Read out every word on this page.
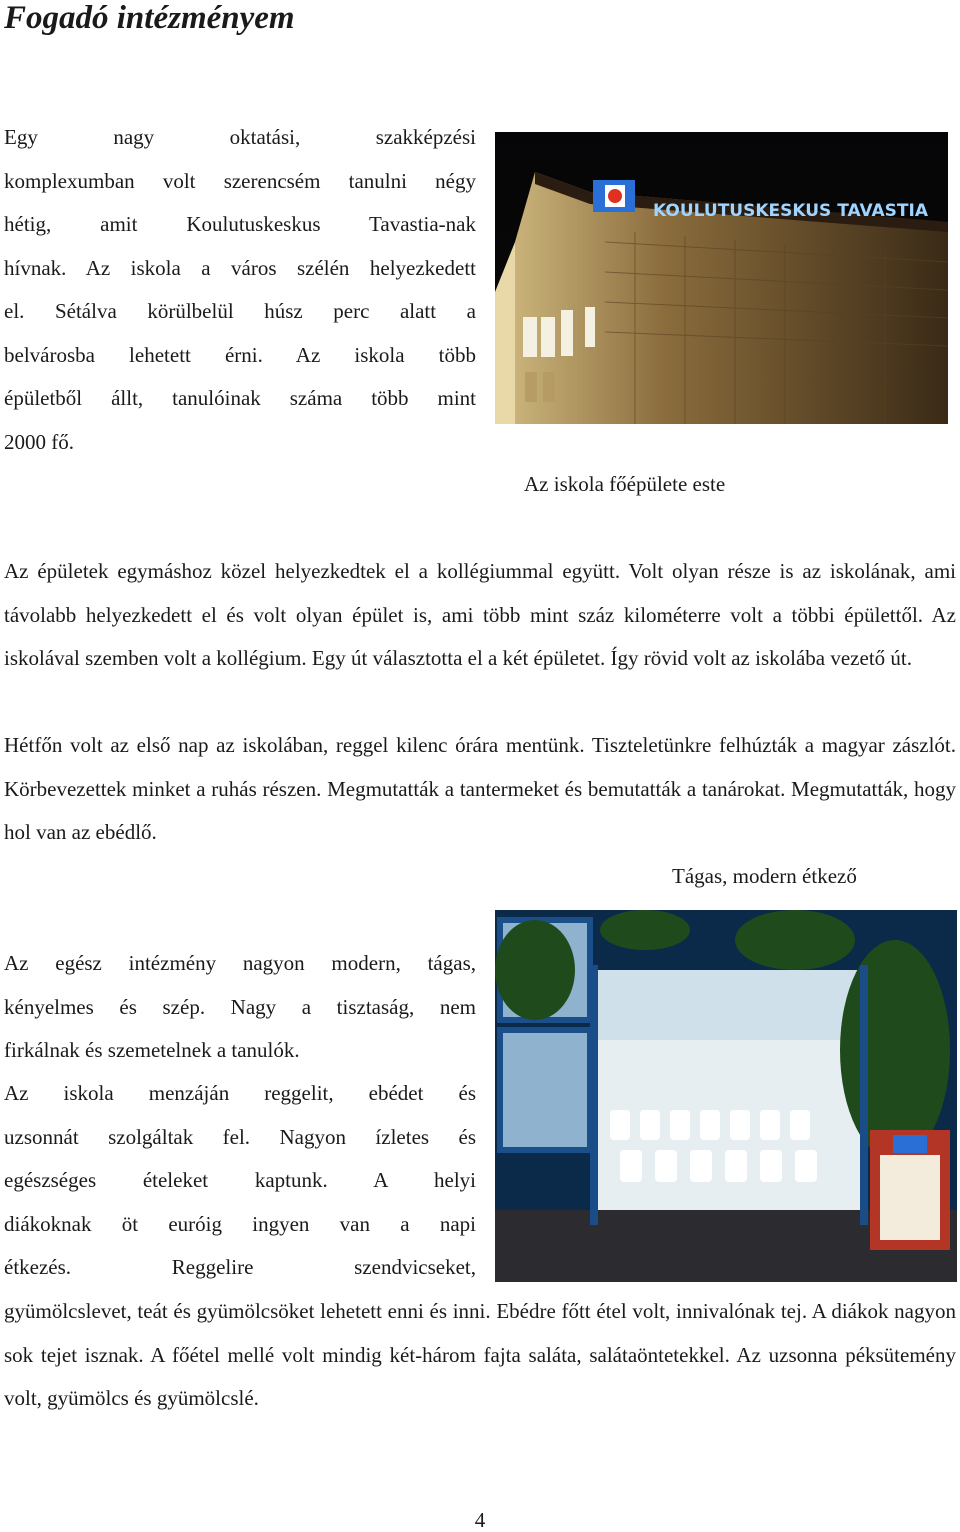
Fogadó intézményem
Egy nagy oktatási, szakképzési
komplexumban volt szerencsém tanulni négy
hétig, amit Koulutuskeskus Tavastia-nak
hívnak. Az iskola a város szélén helyezkedett
el. Sétálva körülbelül húsz perc alatt a
belvárosba lehetett érni. Az iskola több
épületből állt, tanulóinak száma több mint
2000 fő.
KOULUTUSKESKUS TAVASTIA
Az iskola főépülete este

Az épületek egymáshoz közel helyezkedtek el a kollégiummal együtt. Volt olyan része is az iskolának, ami távolabb helyezkedett el és volt olyan épület is, ami több mint száz kilométerre volt a többi épülettől. Az iskolával szemben volt a kollégium. Egy út választotta el a két épületet. Így rövid volt az iskolába vezető út.

Hétfőn volt az első nap az iskolában, reggel kilenc órára mentünk. Tiszteletünkre felhúzták a magyar zászlót. Körbevezettek minket a ruhás részen. Megmutatták a tantermeket és bemutatták a tanárokat. Megmutatták, hogy hol van az ebédlő.

Tágas, modern étkező
Az egész intézmény nagyon modern, tágas,
kényelmes és szép. Nagy a tisztaság, nem
firkálnak és szemetelnek a tanulók.
Az iskola menzáján reggelit, ebédet és
uzsonnát szolgáltak fel. Nagyon ízletes és
egészséges ételeket kaptunk. A helyi
diákoknak öt euróig ingyen van a napi
étkezés. Reggelire szendvicseket,

gyümölcslevet, teát és gyümölcsöket lehetett enni és inni. Ebédre főtt étel volt, innivalónak tej. A diákok nagyon sok tejet isznak. A főétel mellé volt mindig két-három fajta saláta, salátaöntetekkel. Az uzsonna péksütemény volt, gyümölcs és gyümölcslé.

4
